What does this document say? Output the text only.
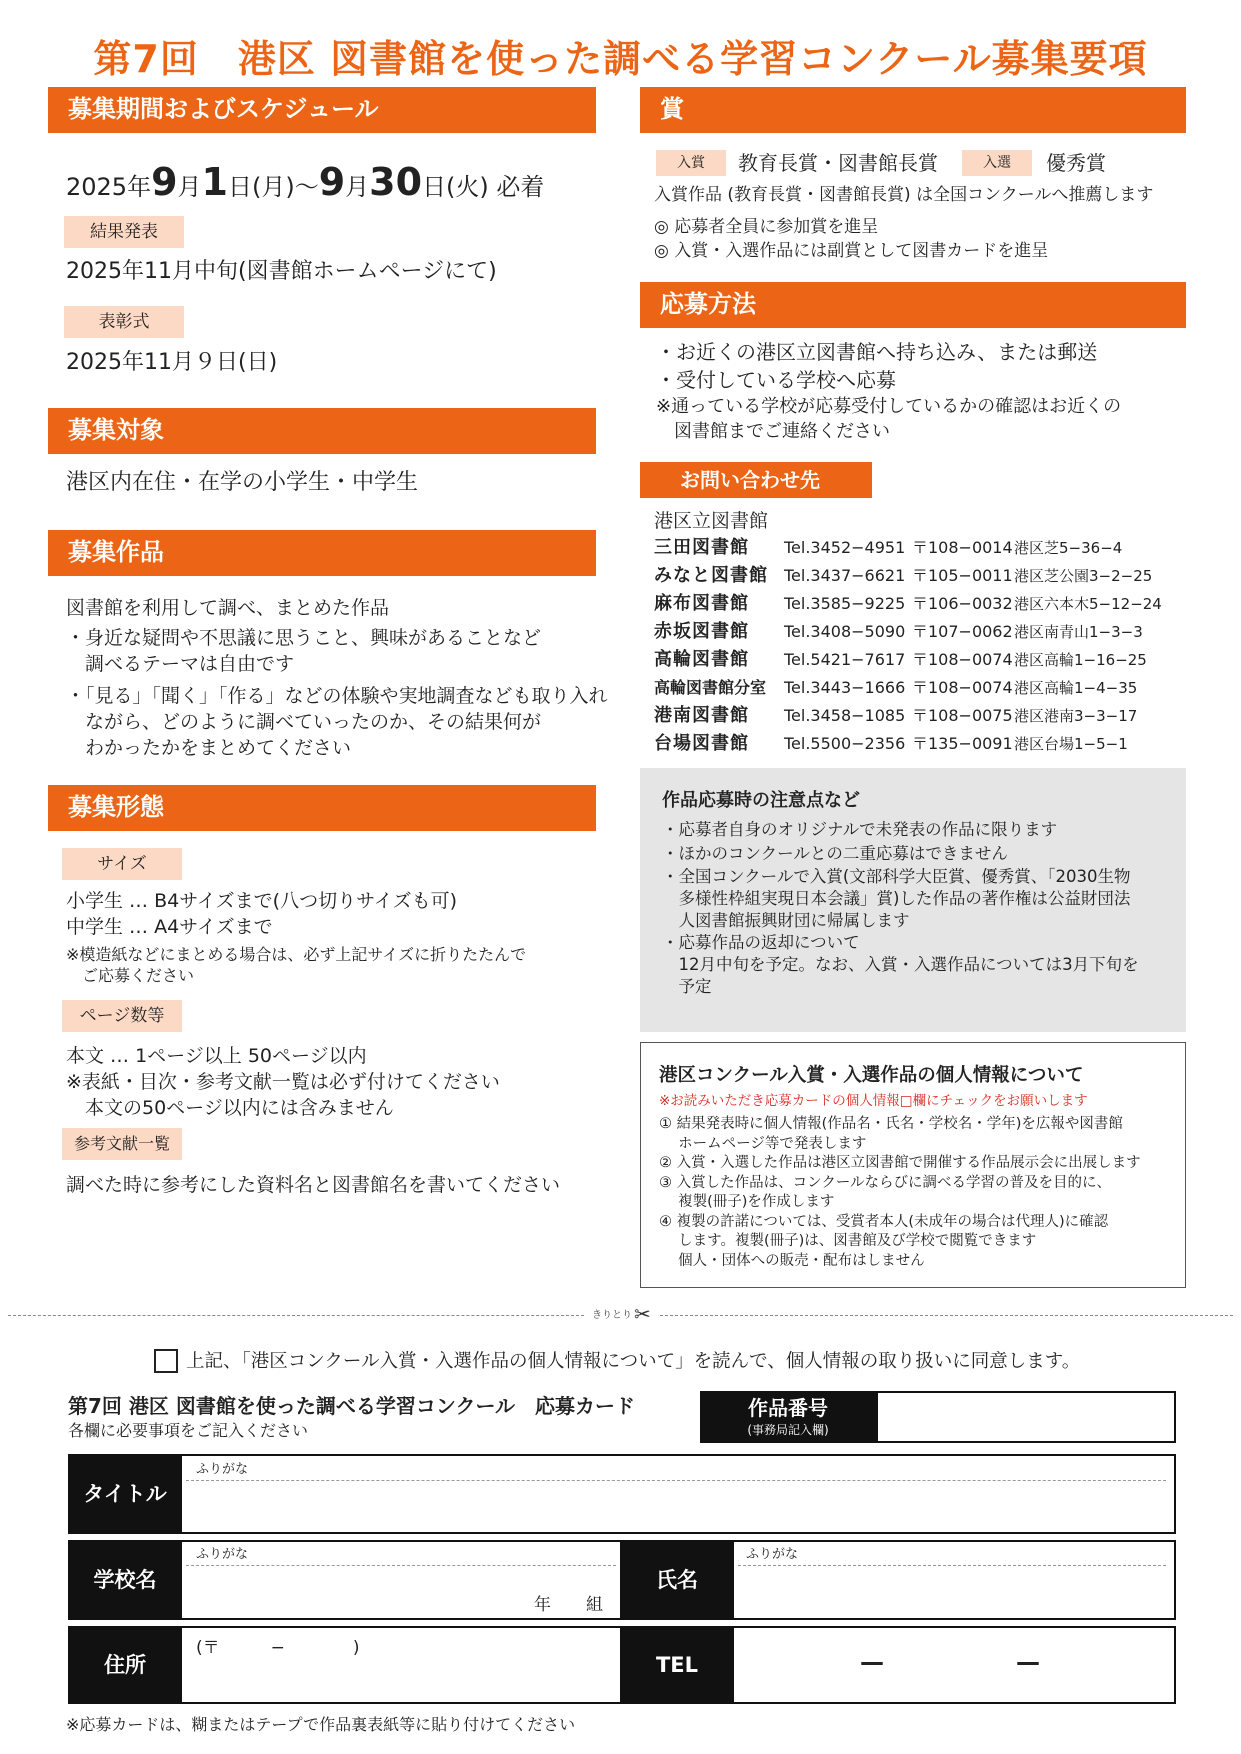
第7回　港区 図書館を使った調べる学習コンクール募集要項
募集期間およびスケジュール
2025年9月1日(月)～9月30日(火) 必着
結果発表
2025年11月中旬(図書館ホームページにて)
表彰式
2025年11月９日(日)
募集対象
港区内在住・在学の小学生・中学生
募集作品
図書館を利用して調べ、まとめた作品
・身近な疑問や不思議に思うこと、興味があることなど
　調べるテーマは自由です
・「見る」「聞く」「作る」などの体験や実地調査なども取り入れ
　ながら、どのように調べていったのか、その結果何が
　わかったかをまとめてください
募集形態
サイズ
小学生 … B4サイズまで(八つ切りサイズも可)
中学生 … A4サイズまで
※模造紙などにまとめる場合は、必ず上記サイズに折りたたんで
　ご応募ください
ページ数等
本文 … 1ページ以上 50ページ以内
※表紙・目次・参考文献一覧は必ず付けてください
　本文の50ページ以内には含みません
参考文献一覧
調べた時に参考にした資料名と図書館名を書いてください
賞
入賞	教育長賞・図書館長賞	入選	優秀賞
入賞作品 (教育長賞・図書館長賞) は全国コンクールへ推薦します
◎ 応募者全員に参加賞を進呈
◎ 入賞・入選作品には副賞として図書カードを進呈
応募方法
・お近くの港区立図書館へ持ち込み、または郵送
・受付している学校へ応募
※通っている学校が応募受付しているかの確認はお近くの
　図書館までご連絡ください
お問い合わせ先
港区立図書館
三田図書館 Tel.3452−4951 〒108−0014港区芝5−36−4
みなと図書館 Tel.3437−6621 〒105−0011港区芝公園3−2−25
麻布図書館 Tel.3585−9225 〒106−0032港区六本木5−12−24
赤坂図書館 Tel.3408−5090 〒107−0062港区南青山1−3−3
高輪図書館 Tel.5421−7617 〒108−0074港区高輪1−16−25
高輪図書館分室 Tel.3443−1666 〒108−0074港区高輪1−4−35
港南図書館 Tel.3458−1085 〒108−0075港区港南3−3−17
台場図書館 Tel.5500−2356 〒135−0091港区台場1−5−1
作品応募時の注意点など
・応募者自身のオリジナルで未発表の作品に限ります
・ほかのコンクールとの二重応募はできません
・全国コンクールで入賞(文部科学大臣賞、優秀賞、「2030生物
　多様性枠組実現日本会議」賞)した作品の著作権は公益財団法
　人図書館振興財団に帰属します
・応募作品の返却について
　12月中旬を予定。なお、入賞・入選作品については3月下旬を
　予定
港区コンクール入賞・入選作品の個人情報について
※お読みいただき応募カードの個人情報□欄にチェックをお願いします
① 結果発表時に個人情報(作品名・氏名・学校名・学年)を広報や図書館
　 ホームページ等で発表します
② 入賞・入選した作品は港区立図書館で開催する作品展示会に出展します
③ 入賞した作品は、コンクールならびに調べる学習の普及を目的に、
　 複製(冊子)を作成します
④ 複製の許諾については、受賞者本人(未成年の場合は代理人)に確認
　 します。複製(冊子)は、図書館及び学校で閲覧できます
　 個人・団体への販売・配布はしません
きりとり ✂
上記、「港区コンクール入賞・入選作品の個人情報について」を読んで、個人情報の取り扱いに同意します。
第7回 港区 図書館を使った調べる学習コンクール　応募カード
各欄に必要事項をご記入ください
作品番号
(事務局記入欄)
タイトル
ふりがな
学校名
ふりがな
年 組
氏名
ふりがな
住所
(〒　　　−　　　　)
TEL	—	—
※応募カードは、糊またはテープで作品裏表紙等に貼り付けてください
